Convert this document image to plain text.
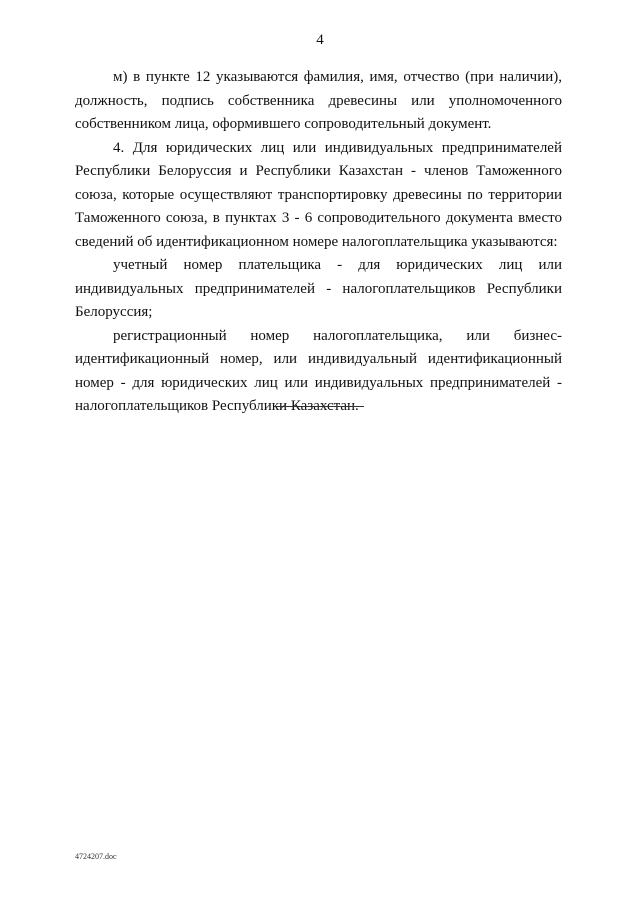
4

м) в пункте 12 указываются фамилия, имя, отчество (при наличии), должность, подпись собственника древесины или уполномоченного собственником лица, оформившего сопроводительный документ.

4. Для юридических лиц или индивидуальных предпринимателей Республики Белоруссия и Республики Казахстан - членов Таможенного союза, которые осуществляют транспортировку древесины по территории Таможенного союза, в пунктах 3 - 6 сопроводительного документа вместо сведений об идентификационном номере налогоплательщика указываются:

учетный номер плательщика - для юридических лиц или индивидуальных предпринимателей - налогоплательщиков Республики Белоруссия;

регистрационный номер налогоплательщика, или бизнес-идентификационный номер, или индивидуальный идентификационный номер - для юридических лиц или индивидуальных предпринимателей - налогоплательщиков Республики Казахстан.

4724207.doc
